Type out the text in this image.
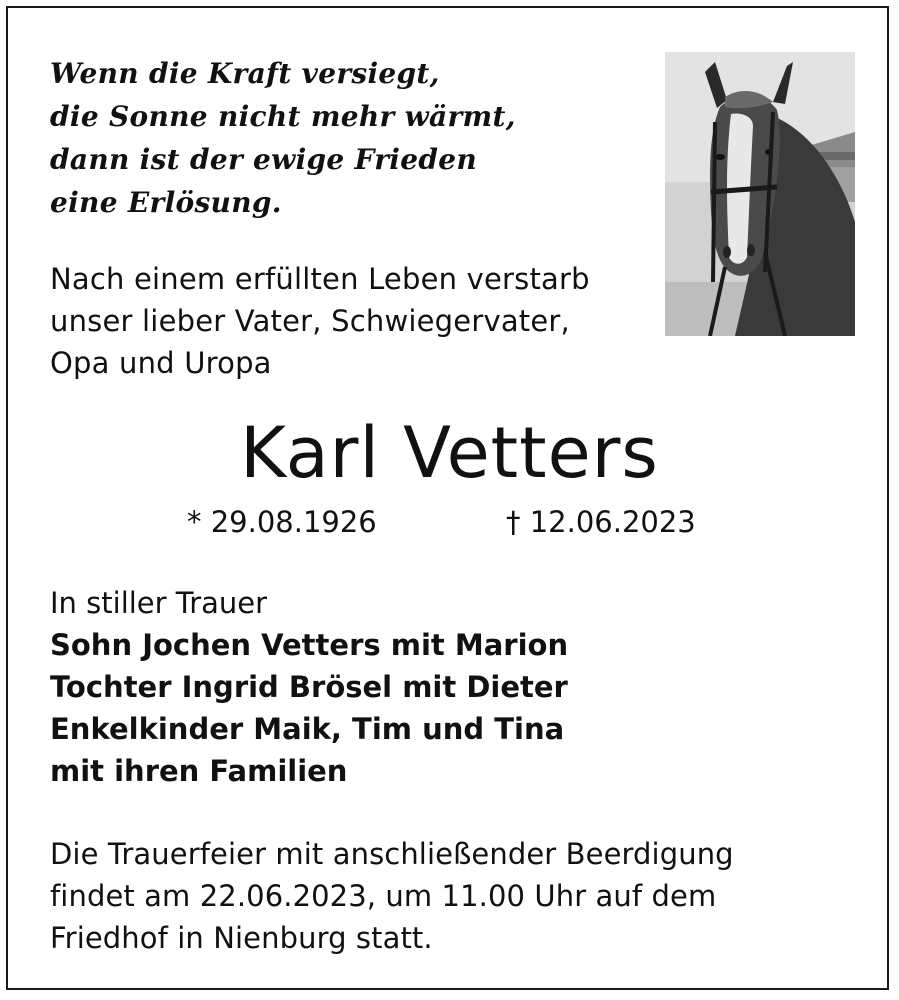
Wenn die Kraft versiegt,
die Sonne nicht mehr wärmt,
dann ist der ewige Frieden
eine Erlösung.
Nach einem erfüllten Leben verstarb
unser lieber Vater, Schwiegervater,
Opa und Uropa
Karl Vetters
* 29.08.1926	† 12.06.2023
In stiller Trauer
Sohn Jochen Vetters mit Marion
Tochter Ingrid Brösel mit Dieter
Enkelkinder Maik, Tim und Tina
mit ihren Familien
Die Trauerfeier mit anschließender Beerdigung
findet am 22.06.2023, um 11.00 Uhr auf dem
Friedhof in Nienburg statt.
